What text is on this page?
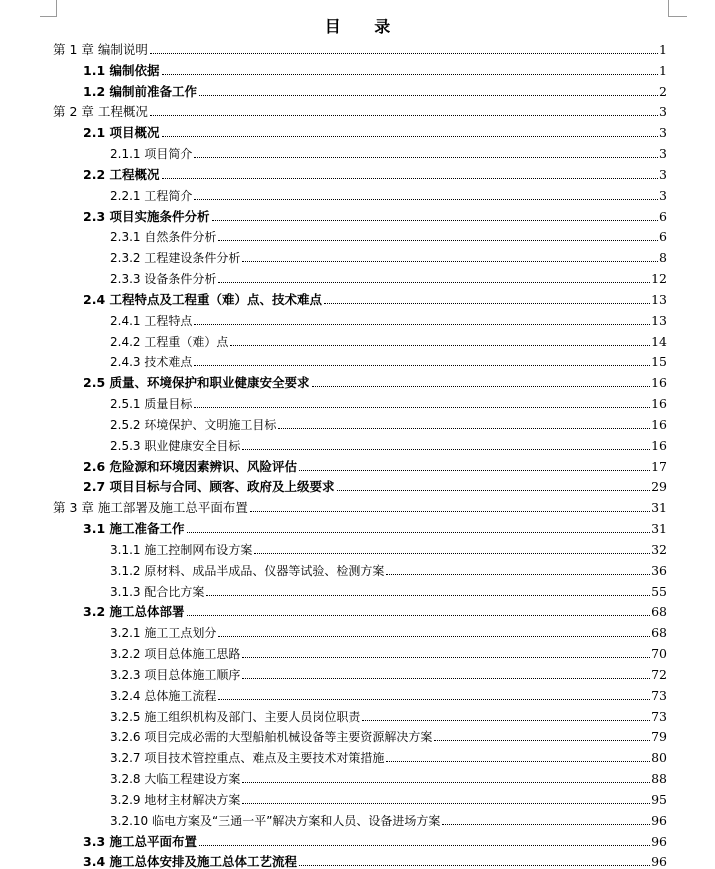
目 录
第 1 章 编制说明	1
1.1 编制依据	1
1.2 编制前准备工作	2
第 2 章 工程概况	3
2.1 项目概况	3
2.1.1 项目简介	3
2.2 工程概况	3
2.2.1 工程简介	3
2.3 项目实施条件分析	6
2.3.1 自然条件分析	6
2.3.2 工程建设条件分析	8
2.3.3 设备条件分析	12
2.4 工程特点及工程重（难）点、技术难点	13
2.4.1 工程特点	13
2.4.2 工程重（难）点	14
2.4.3 技术难点	15
2.5 质量、环境保护和职业健康安全要求	16
2.5.1 质量目标	16
2.5.2 环境保护、文明施工目标	16
2.5.3 职业健康安全目标	16
2.6 危险源和环境因素辨识、风险评估	17
2.7 项目目标与合同、顾客、政府及上级要求	29
第 3 章 施工部署及施工总平面布置	31
3.1 施工准备工作	31
3.1.1 施工控制网布设方案	32
3.1.2 原材料、成品半成品、仪器等试验、检测方案	36
3.1.3 配合比方案	55
3.2 施工总体部署	68
3.2.1 施工工点划分	68
3.2.2 项目总体施工思路	70
3.2.3 项目总体施工顺序	72
3.2.4 总体施工流程	73
3.2.5 施工组织机构及部门、主要人员岗位职责	73
3.2.6 项目完成必需的大型船舶机械设备等主要资源解决方案	79
3.2.7 项目技术管控重点、难点及主要技术对策措施	80
3.2.8 大临工程建设方案	88
3.2.9 地材主材解决方案	95
3.2.10 临电方案及“三通一平”解决方案和人员、设备进场方案	96
3.3 施工总平面布置	96
3.4 施工总体安排及施工总体工艺流程	96
